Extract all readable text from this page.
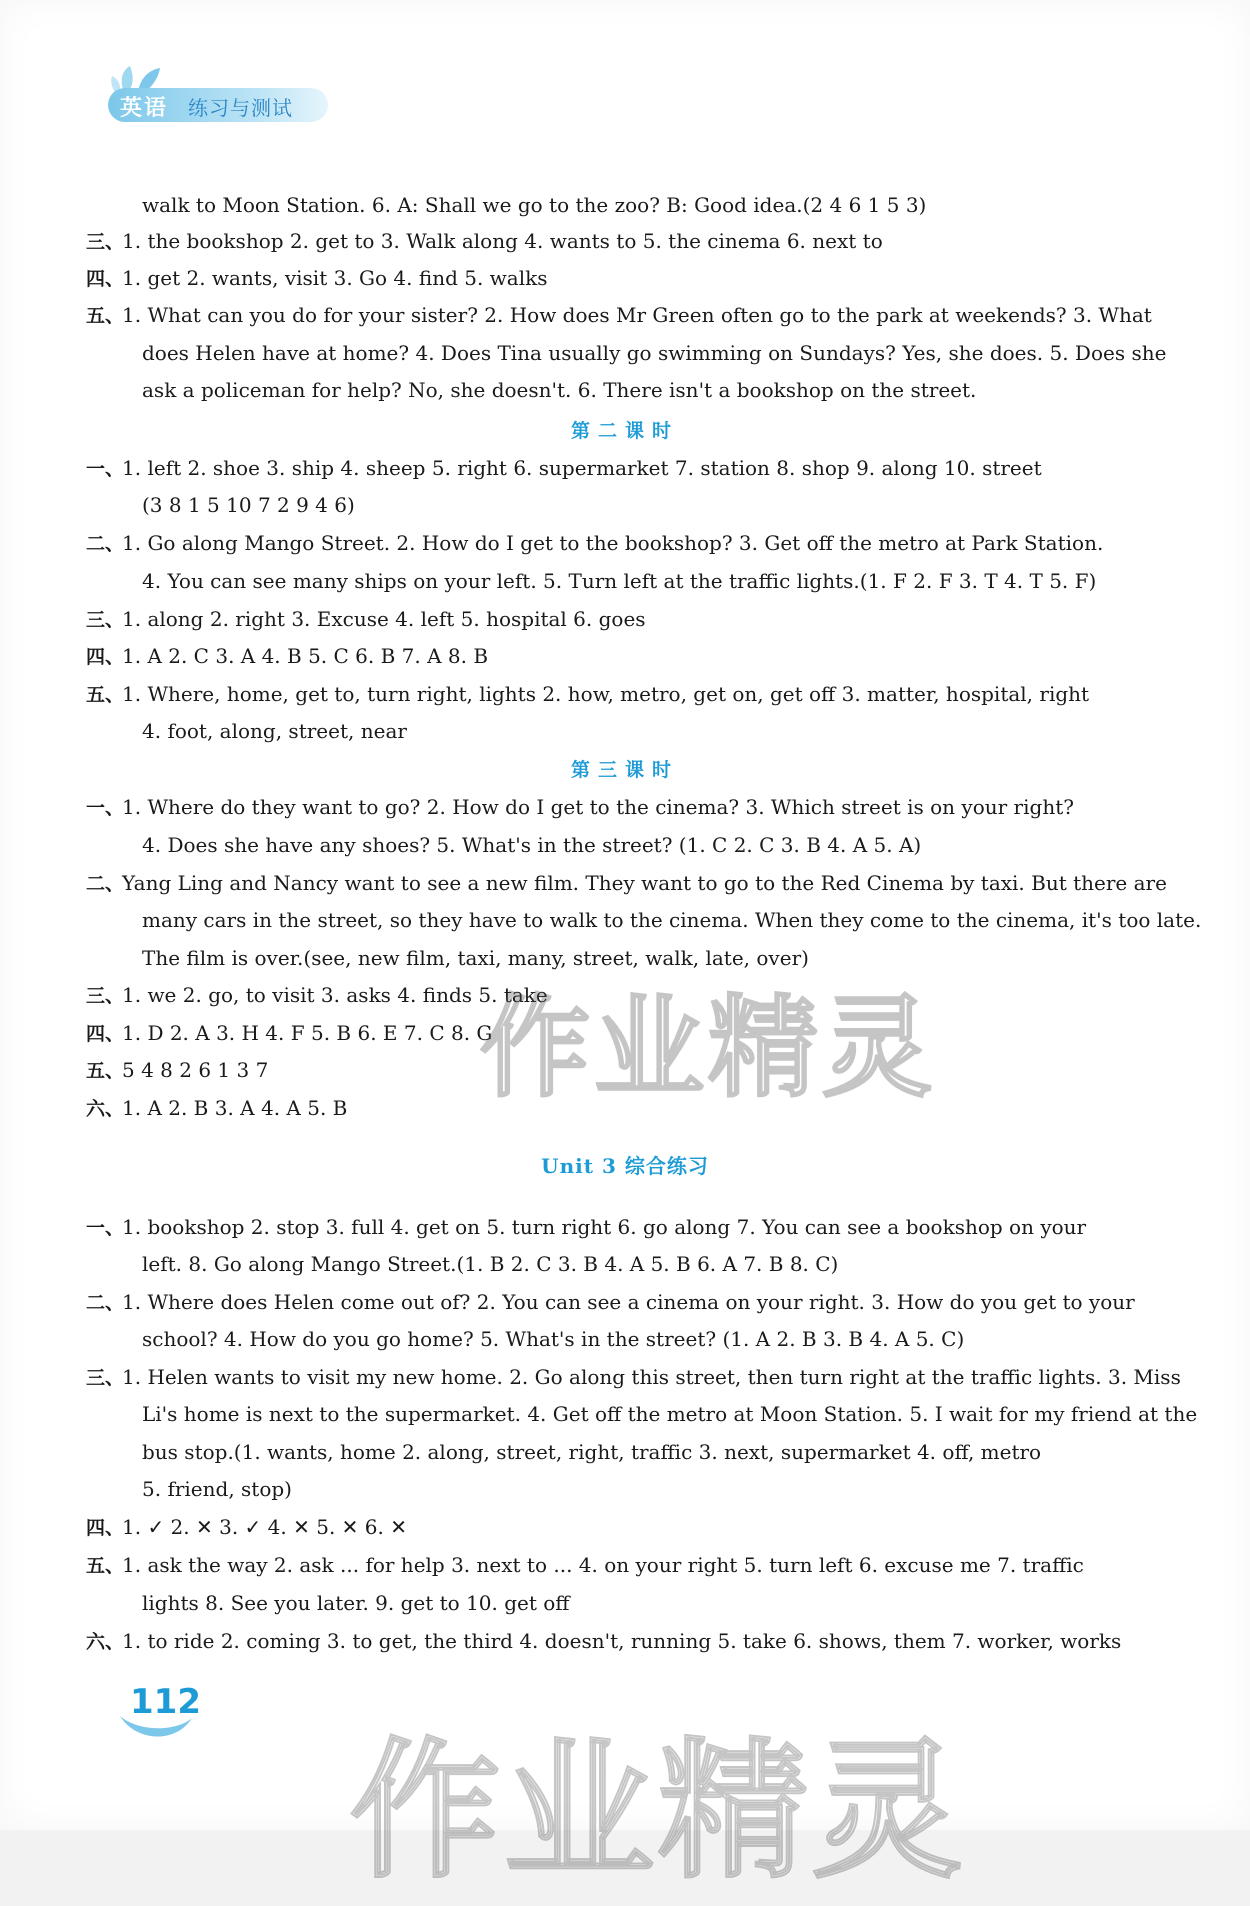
英语 练习与测试
walk to Moon Station. 6. A: Shall we go to the zoo? B: Good idea.(2 4 6 1 5 3)
三、1. the bookshop 2. get to 3. Walk along 4. wants to 5. the cinema 6. next to
四、1. get 2. wants, visit 3. Go 4. find 5. walks
五、1. What can you do for your sister? 2. How does Mr Green often go to the park at weekends? 3. What
does Helen have at home? 4. Does Tina usually go swimming on Sundays? Yes, she does. 5. Does she
ask a policeman for help? No, she doesn't. 6. There isn't a bookshop on the street.
第二课时
一、1. left 2. shoe 3. ship 4. sheep 5. right 6. supermarket 7. station 8. shop 9. along 10. street
(3 8 1 5 10 7 2 9 4 6)
二、1. Go along Mango Street. 2. How do I get to the bookshop? 3. Get off the metro at Park Station.
4. You can see many ships on your left. 5. Turn left at the traffic lights.(1. F 2. F 3. T 4. T 5. F)
三、1. along 2. right 3. Excuse 4. left 5. hospital 6. goes
四、1. A 2. C 3. A 4. B 5. C 6. B 7. A 8. B
五、1. Where, home, get to, turn right, lights 2. how, metro, get on, get off 3. matter, hospital, right
4. foot, along, street, near
第三课时
一、1. Where do they want to go? 2. How do I get to the cinema? 3. Which street is on your right?
4. Does she have any shoes? 5. What's in the street? (1. C 2. C 3. B 4. A 5. A)
二、Yang Ling and Nancy want to see a new film. They want to go to the Red Cinema by taxi. But there are
many cars in the street, so they have to walk to the cinema. When they come to the cinema, it's too late.
The film is over.(see, new film, taxi, many, street, walk, late, over)
三、1. we 2. go, to visit 3. asks 4. finds 5. take
四、1. D 2. A 3. H 4. F 5. B 6. E 7. C 8. G
五、5 4 8 2 6 1 3 7
六、1. A 2. B 3. A 4. A 5. B
Unit 3 综合练习
一、1. bookshop 2. stop 3. full 4. get on 5. turn right 6. go along 7. You can see a bookshop on your
left. 8. Go along Mango Street.(1. B 2. C 3. B 4. A 5. B 6. A 7. B 8. C)
二、1. Where does Helen come out of? 2. You can see a cinema on your right. 3. How do you get to your
school? 4. How do you go home? 5. What's in the street? (1. A 2. B 3. B 4. A 5. C)
三、1. Helen wants to visit my new home. 2. Go along this street, then turn right at the traffic lights. 3. Miss
Li's home is next to the supermarket. 4. Get off the metro at Moon Station. 5. I wait for my friend at the
bus stop.(1. wants, home 2. along, street, right, traffic 3. next, supermarket 4. off, metro
5. friend, stop)
四、1. ✓ 2. ✕ 3. ✓ 4. ✕ 5. ✕ 6. ✕
五、1. ask the way 2. ask ... for help 3. next to ... 4. on your right 5. turn left 6. excuse me 7. traffic
lights 8. See you later. 9. get to 10. get off
六、1. to ride 2. coming 3. to get, the third 4. doesn't, running 5. take 6. shows, them 7. worker, works
112
作业精灵
作业精灵
